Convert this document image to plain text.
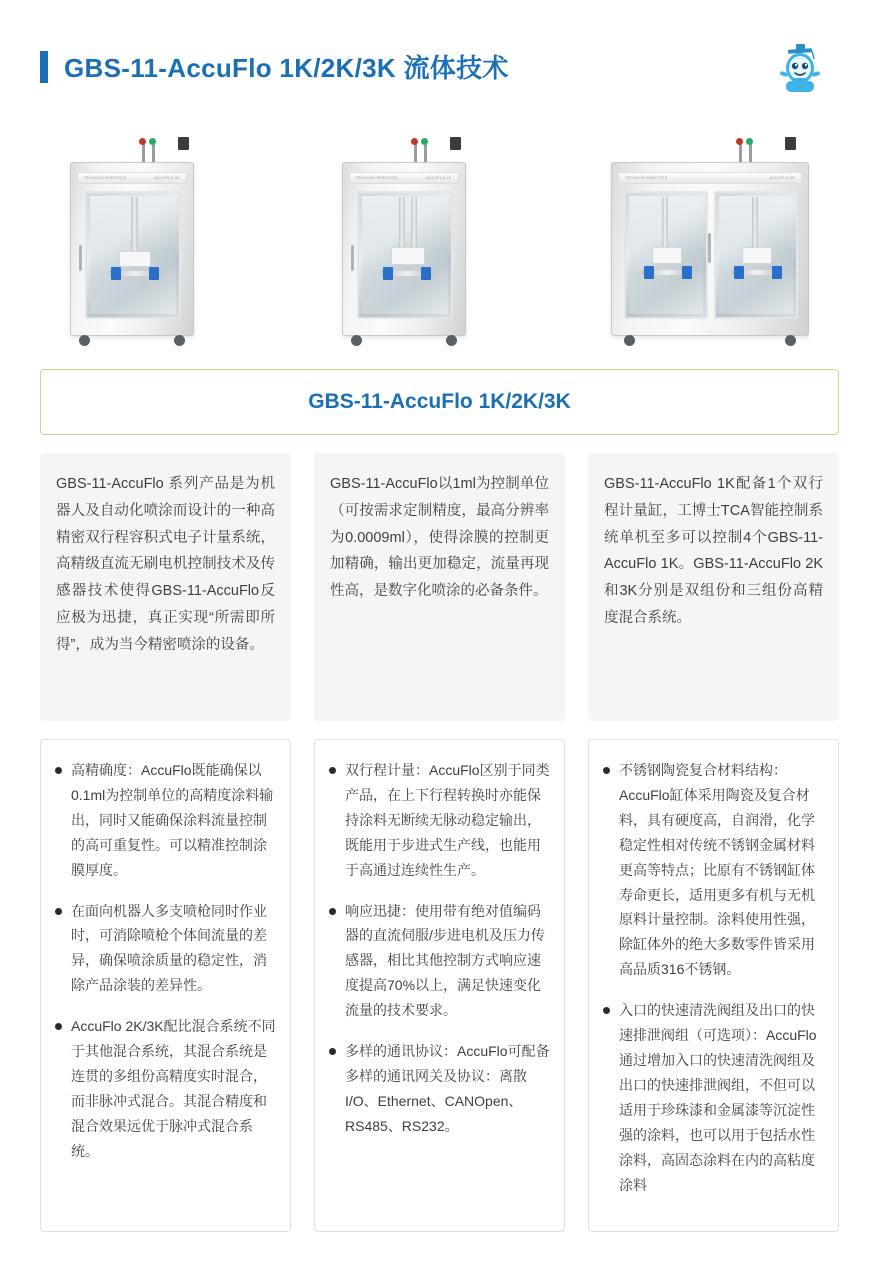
GBS-11-AccuFlo 1K/2K/3K 流体技术
TECHCON ROBOTICS	ACCUFLO 1K	TECHCON ROBOTICS	ACCUFLO 2K	TECHCON ROBOTICS	ACCUFLO 3K
GBS-11-AccuFlo 1K/2K/3K
GBS-11-AccuFlo 系列产品是为机器人及自动化喷涂而设计的一种高精密双行程容积式电子计量系统，高精级直流无刷电机控制技术及传感器技术使得GBS-11-AccuFlo反应极为迅捷，真正实现“所需即所得”，成为当今精密喷涂的设备。
GBS-11-AccuFlo以1ml为控制单位（可按需求定制精度，最高分辨率为0.0009ml），使得涂膜的控制更加精确，输出更加稳定，流量再现性高，是数字化喷涂的必备条件。
GBS-11-AccuFlo 1K配备1个双行程计量缸，工博士TCA智能控制系统单机至多可以控制4个GBS-11-AccuFlo 1K。GBS-11-AccuFlo 2K和3K分别是双组份和三组份高精度混合系统。
高精确度：AccuFlo既能确保以0.1ml为控制单位的高精度涂料输出，同时又能确保涂料流量控制的高可重复性。可以精准控制涂膜厚度。
在面向机器人多支喷枪同时作业时，可消除喷枪个体间流量的差异，确保喷涂质量的稳定性，消除产品涂装的差异性。
AccuFlo 2K/3K配比混合系统不同于其他混合系统，其混合系统是连贯的多组份高精度实时混合，而非脉冲式混合。其混合精度和混合效果远优于脉冲式混合系统。
双行程计量：AccuFlo区别于同类产品，在上下行程转换时亦能保持涂料无断续无脉动稳定输出，既能用于步进式生产线，也能用于高通过连续性生产。
响应迅捷：使用带有绝对值编码器的直流伺服/步进电机及压力传感器，相比其他控制方式响应速度提高70%以上，满足快速变化流量的技术要求。
多样的通讯协议：AccuFlo可配备多样的通讯网关及协议：离散I/O、Ethernet、CANOpen、RS485、RS232。
不锈钢陶瓷复合材料结构：AccuFlo缸体采用陶瓷及复合材料，具有硬度高，自润滑，化学稳定性相对传统不锈钢金属材料更高等特点；比原有不锈钢缸体寿命更长，适用更多有机与无机原料计量控制。涂料使用性强，除缸体外的绝大多数零件皆采用高品质316不锈钢。
入口的快速清洗阀组及出口的快速排泄阀组（可选项）：AccuFlo通过增加入口的快速清洗阀组及出口的快速排泄阀组，不但可以适用于珍珠漆和金属漆等沉淀性强的涂料，也可以用于包括水性涂料，高固态涂料在内的高粘度涂料
